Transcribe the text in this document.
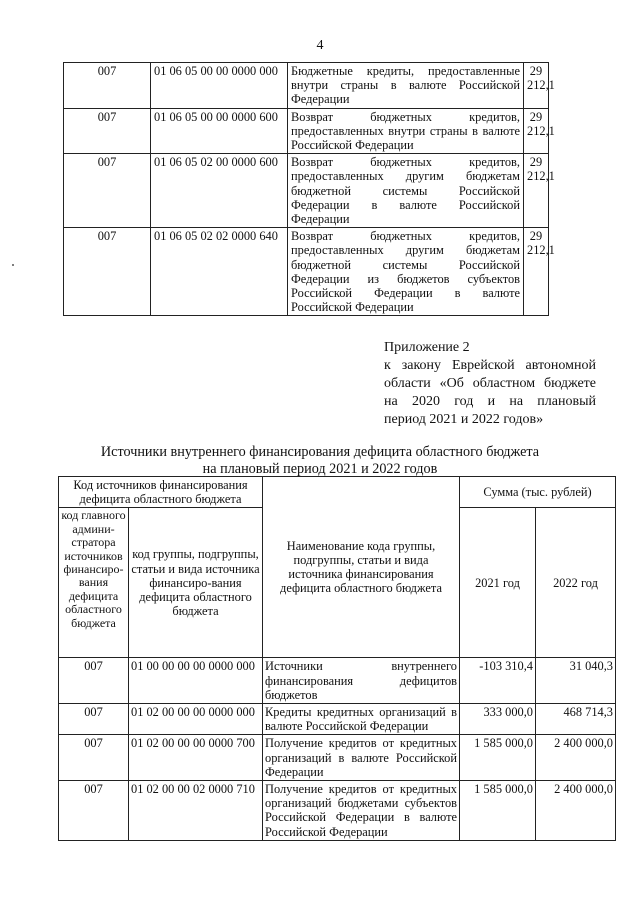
4
007	01 06 05 00 00 0000 000	Бюджетные кредиты, предоставленные внутри страны в валюте Российской Федерации	29 212,1
007	01 06 05 00 00 0000 600	Возврат бюджетных кредитов, предоставленных внутри страны в валюте Российской Федерации	29 212,1
007	01 06 05 02 00 0000 600	Возврат бюджетных кредитов, предоставленных другим бюджетам бюджетной системы Российской Федерации в валюте Российской Федерации	29 212,1
007	01 06 05 02 02 0000 640	Возврат бюджетных кредитов, предоставленных другим бюджетам бюджетной системы Российской Федерации из бюджетов субъектов Российской Федерации в валюте Российской Федерации	29 212,1
Приложение 2
к закону Еврейской автономной
области «Об областном бюджете
на 2020 год и на плановый
период 2021 и 2022 годов»
Источники внутреннего финансирования дефицита областного бюджета
на плановый период 2021 и 2022 годов
Код источников финансирования дефицита областного бюджета		Наименование кода группы, подгруппы, статьи и вида источника финансирования дефицита областного бюджета	Сумма (тыс. рублей)	
код главного админи-стратора источников финансиро-вания дефицита областного бюджета	код группы, подгруппы, статьи и вида источника финансиро-вания дефицита областного бюджета		2021 год	2022 год
007	01 00 00 00 00 0000 000	Источники внутреннего финансирования дефицитов бюджетов	-103 310,4	31 040,3
007	01 02 00 00 00 0000 000	Кредиты кредитных организаций в валюте Российской Федерации	333 000,0	468 714,3
007	01 02 00 00 00 0000 700	Получение кредитов от кредитных организаций в валюте Российской Федерации	1 585 000,0	2 400 000,0
007	01 02 00 00 02 0000 710	Получение кредитов от кредитных организаций бюджетами субъектов Российской Федерации в валюте Российской Федерации	1 585 000,0	2 400 000,0
